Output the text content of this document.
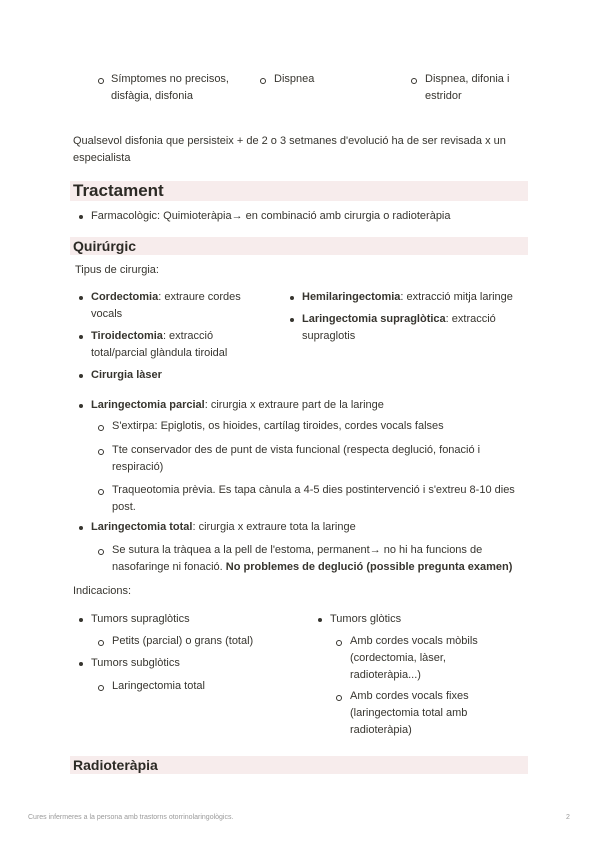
Símptomes no precisos, disfàgia, disfonia
Dispnea	Dispnea, difonia i estridor
Qualsevol disfonia que persisteix + de 2 o 3 setmanes d'evolució ha de ser revisada x un especialista
Tractament
Farmacològic: Quimioteràpia→ en combinació amb cirurgia o radioteràpia
Quirúrgic
Tipus de cirurgia:
Cordectomia: extraure cordes vocals
Tiroidectomia: extracció total/parcial glàndula tiroidal
Cirurgia làser
Hemilaringectomia: extracció mitja laringe
Laringectomia supraglòtica: extracció supraglotis
Laringectomia parcial: cirurgia x extraure part de la laringe
S'extirpa: Epiglotis, os hioides, cartílag tiroides, cordes vocals falses
Tte conservador des de punt de vista funcional (respecta deglució, fonació i respiració)
Traqueotomia prèvia. Es tapa cànula a 4-5 dies postintervenció i s'extreu 8-10 dies post.
Laringectomia total: cirurgia x extraure tota la laringe
Se sutura la tràquea a la pell de l'estoma, permanent→ no hi ha funcions de nasofaringe ni fonació. No problemes de deglució (possible pregunta examen)
Indicacions:
Tumors supraglòtics
Petits (parcial) o grans (total)
Tumors subglòtics
Laringectomia total
Tumors glòtics
Amb cordes vocals mòbils (cordectomia, làser, radioteràpia...)
Amb cordes vocals fixes (laringectomia total amb radioteràpia)
Radioteràpia
Cures infermeres a la persona amb trastorns otorrinolaringològics.	2
